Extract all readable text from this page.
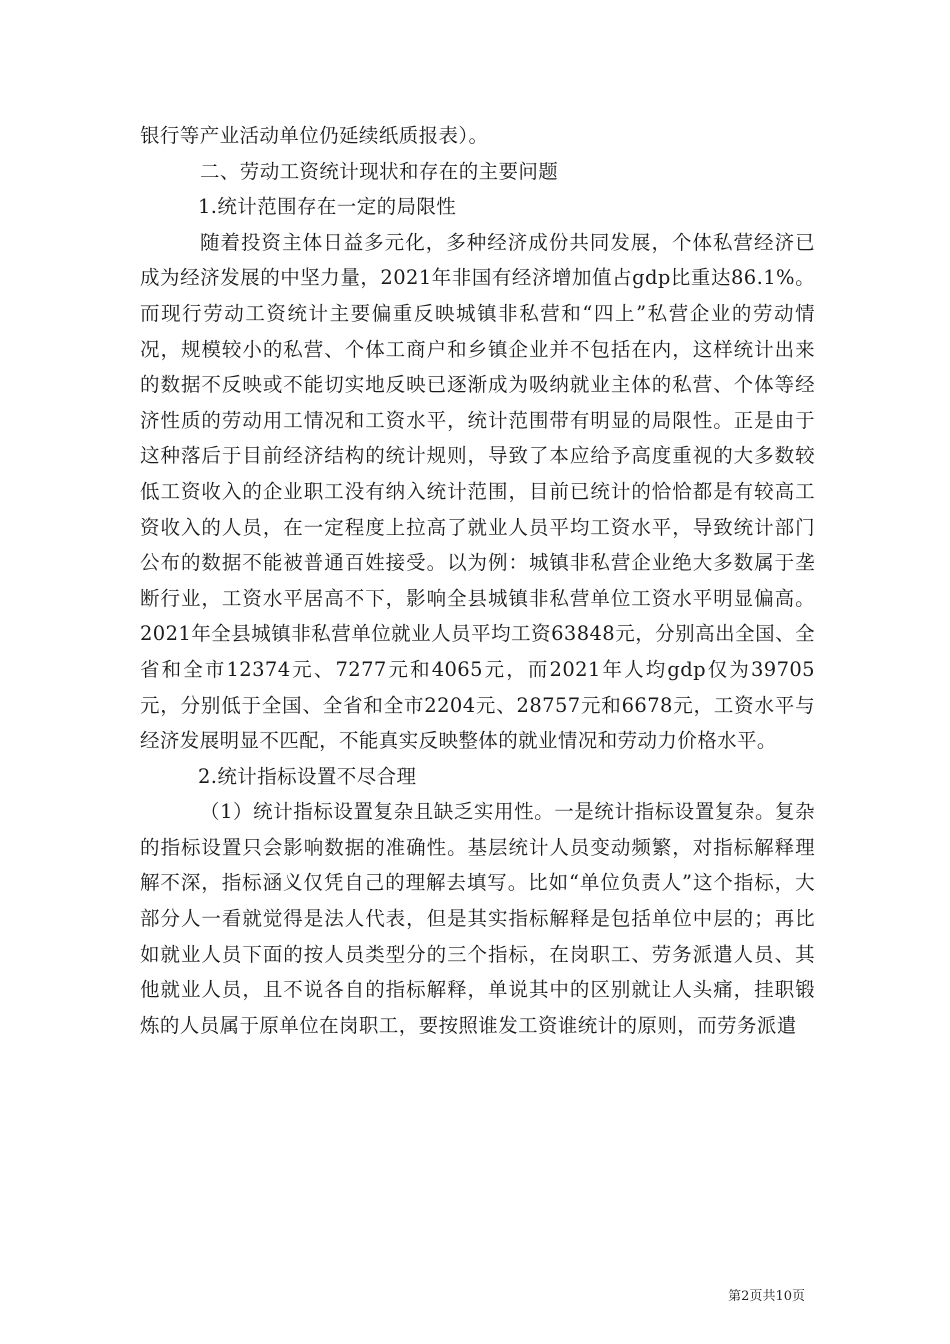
银行等产业活动单位仍延续纸质报表）。

二、劳动工资统计现状和存在的主要问题

1.统计范围存在一定的局限性

随着投资主体日益多元化，多种经济成份共同发展，个体私营经济已成为经济发展的中坚力量，2021年非国有经济增加值占gdp比重达86.1%。而现行劳动工资统计主要偏重反映城镇非私营和“四上”私营企业的劳动情况，规模较小的私营、个体工商户和乡镇企业并不包括在内，这样统计出来的数据不反映或不能切实地反映已逐渐成为吸纳就业主体的私营、个体等经济性质的劳动用工情况和工资水平，统计范围带有明显的局限性。正是由于这种落后于目前经济结构的统计规则，导致了本应给予高度重视的大多数较低工资收入的企业职工没有纳入统计范围，目前已统计的恰恰都是有较高工资收入的人员，在一定程度上拉高了就业人员平均工资水平，导致统计部门公布的数据不能被普通百姓接受。以为例：城镇非私营企业绝大多数属于垄断行业，工资水平居高不下，影响全县城镇非私营单位工资水平明显偏高。2021年全县城镇非私营单位就业人员平均工资63848元，分别高出全国、全省和全市12374元、7277元和4065元，而2021年人均gdp仅为39705元，分别低于全国、全省和全市2204元、28757元和6678元，工资水平与经济发展明显不匹配，不能真实反映整体的就业情况和劳动力价格水平。

2.统计指标设置不尽合理

（1）统计指标设置复杂且缺乏实用性。一是统计指标设置复杂。复杂的指标设置只会影响数据的准确性。基层统计人员变动频繁，对指标解释理解不深，指标涵义仅凭自己的理解去填写。比如“单位负责人”这个指标，大部分人一看就觉得是法人代表，但是其实指标解释是包括单位中层的；再比如就业人员下面的按人员类型分的三个指标，在岗职工、劳务派遣人员、其他就业人员，且不说各自的指标解释，单说其中的区别就让人头痛，挂职锻炼的人员属于原单位在岗职工，要按照谁发工资谁统计的原则，而劳务派遣

第2页共10页
